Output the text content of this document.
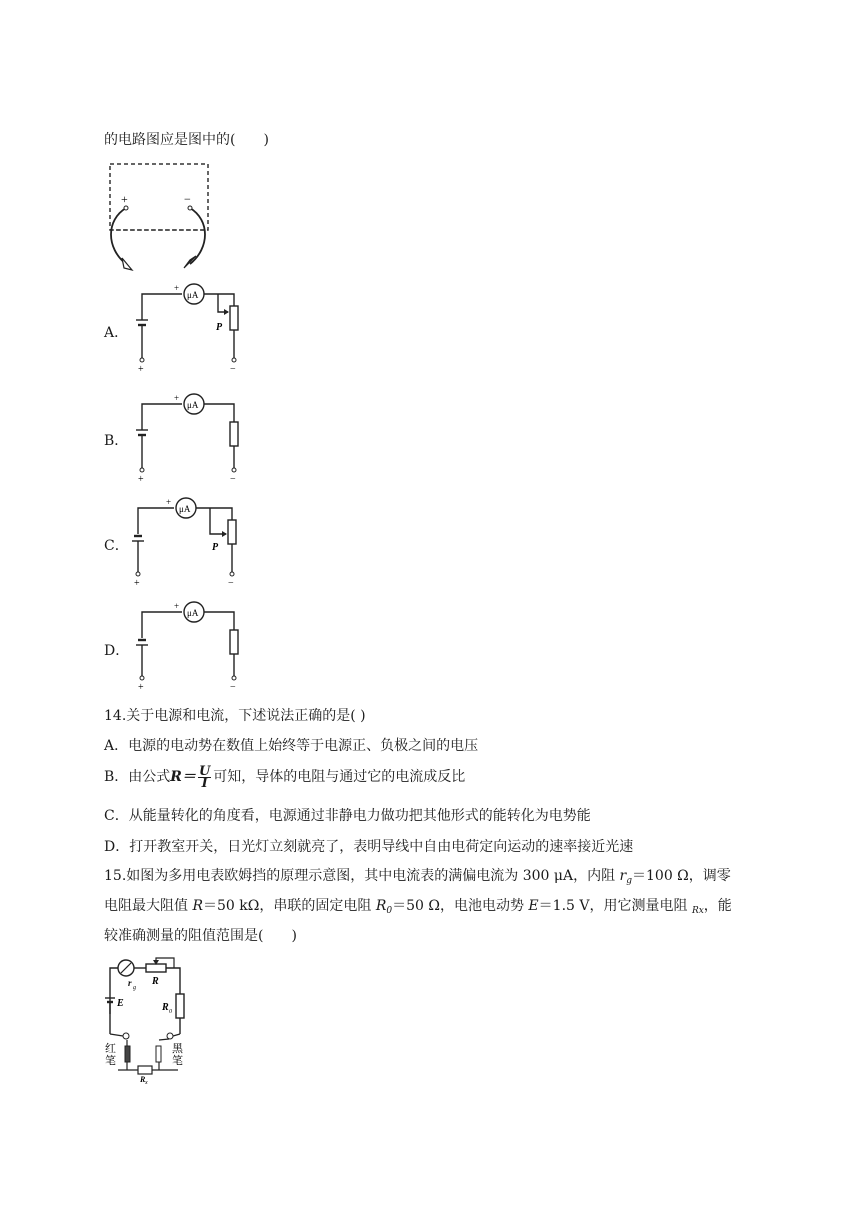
的电路图应是图中的(　　)
+	−
A．
μA
+
P
+	−
B．
μA
+
+	−
C．
μA
+
P
+	−
D．
μA
+
+	−
14.关于电源和电流，下述说法正确的是( )
A．电源的电动势在数值上始终等于电源正、负极之间的电压
B．由公式$R= \frac{U}{I}$ 可知，导体的电阻与通过它的电流成反比
C．从能量转化的角度看，电源通过非静电力做功把其他形式的能转化为电势能
D．打开教室开关，日光灯立刻就亮了，表明导线中自由电荷定向运动的速率接近光速
15.如图为多用电表欧姆挡的原理示意图，其中电流表的满偏电流为 300 μA，内阻 $r_g=100$ Ω，调零
电阻最大阻值 R＝50 kΩ，串联的固定电阻 $R_0=50$ Ω，电池电动势 E＝1.5 V，用它测量电阻 $_{Rx}$，能
较准确测量的阻值范围是(　　)
r g
R
R 0
E
红
笔
黑
笔
R x
